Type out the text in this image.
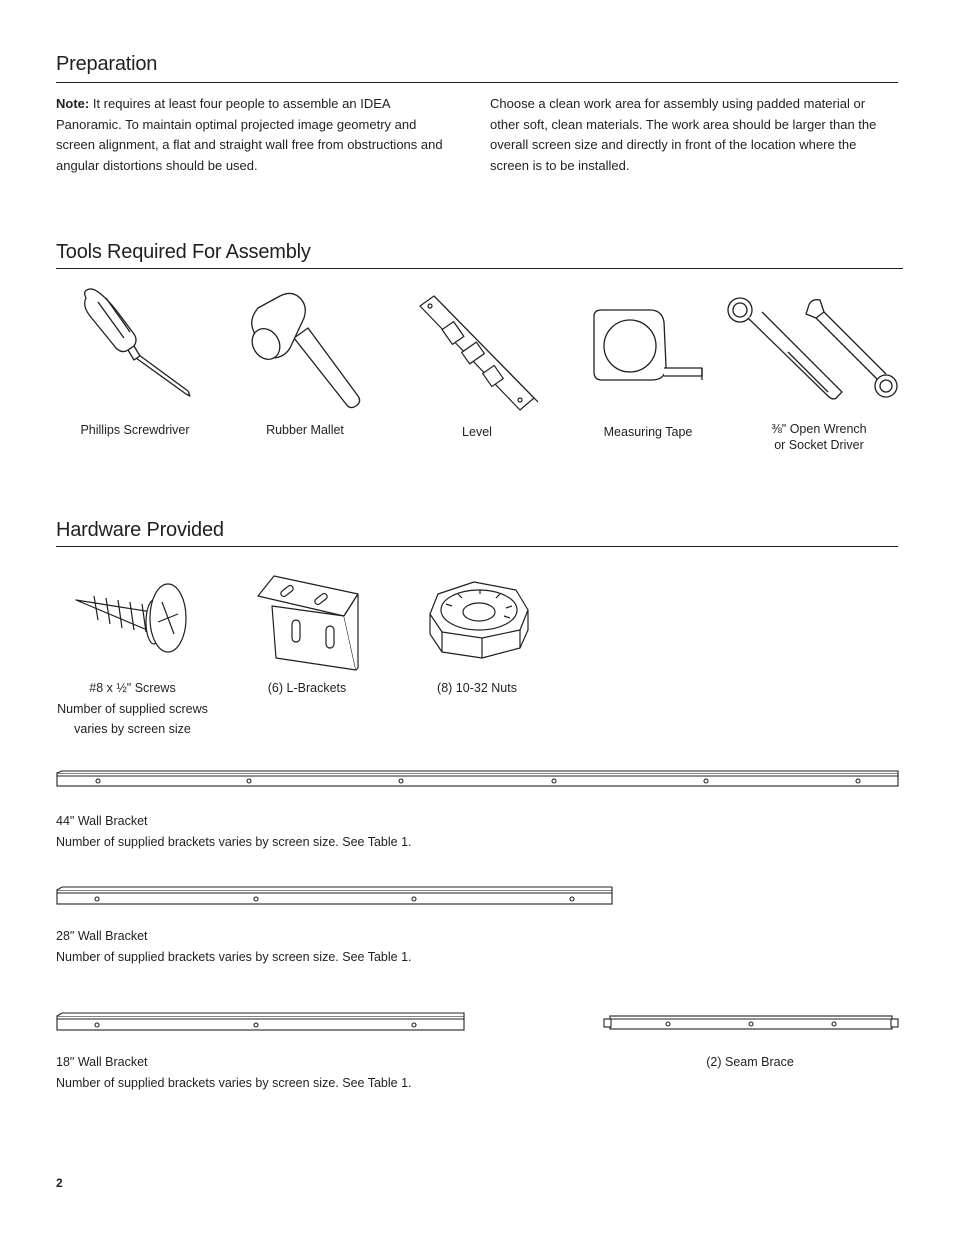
Preparation

Note: It requires at least four people to assemble an IDEA Panoramic. To maintain optimal projected image geometry and screen alignment, a flat and straight wall free from obstructions and angular distortions should be used.

Choose a clean work area for assembly using padded material or other soft, clean materials. The work area should be larger than the overall screen size and directly in front of the location where the screen is to be installed.

Tools Required For Assembly
Phillips Screwdriver	Rubber Mallet	Level	Measuring Tape	⅜" Open Wrench
or Socket Driver
Hardware Provided
#8 x ½" Screws
Number of supplied screws
varies by screen size
(6) L-Brackets	(8) 10-32 Nuts
44" Wall Bracket
Number of supplied brackets varies by screen size. See Table 1.
28" Wall Bracket
Number of supplied brackets varies by screen size. See Table 1.
18" Wall Bracket
Number of supplied brackets varies by screen size. See Table 1.
(2) Seam Brace
2
